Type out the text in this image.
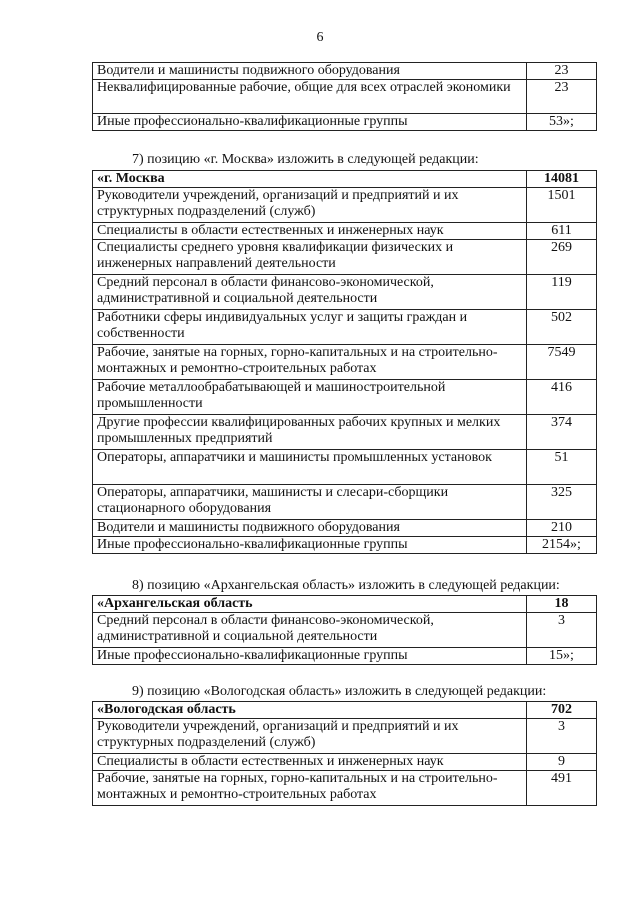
6
Водители и машинисты подвижного оборудования	23
Неквалифицированные рабочие, общие для всех отраслей экономики	23
Иные профессионально-квалификационные группы	53»;
7) позицию «г. Москва» изложить в следующей редакции:
«г. Москва	14081
Руководители учреждений, организаций и предприятий и их структурных подразделений (служб)	1501
Специалисты в области естественных и инженерных наук	611
Специалисты среднего уровня квалификации физических и инженерных направлений деятельности	269
Средний персонал в области финансово-экономической, административной и социальной деятельности	119
Работники сферы индивидуальных услуг и защиты граждан и собственности	502
Рабочие, занятые на горных, горно-капитальных и на строительно-монтажных и ремонтно-строительных работах	7549
Рабочие металлообрабатывающей и машиностроительной промышленности	416
Другие профессии квалифицированных рабочих крупных и мелких промышленных предприятий	374
Операторы, аппаратчики и машинисты промышленных установок	51
Операторы, аппаратчики, машинисты и слесари-сборщики стационарного оборудования	325
Водители и машинисты подвижного оборудования	210
Иные профессионально-квалификационные группы	2154»;
8) позицию «Архангельская область» изложить в следующей редакции:
«Архангельская область	18
Средний персонал в области финансово-экономической, административной и социальной деятельности	3
Иные профессионально-квалификационные группы	15»;
9) позицию «Вологодская область» изложить в следующей редакции:
«Вологодская область	702
Руководители учреждений, организаций и предприятий и их структурных подразделений (служб)	3
Специалисты в области естественных и инженерных наук	9
Рабочие, занятые на горных, горно-капитальных и на строительно-монтажных и ремонтно-строительных работах	491
